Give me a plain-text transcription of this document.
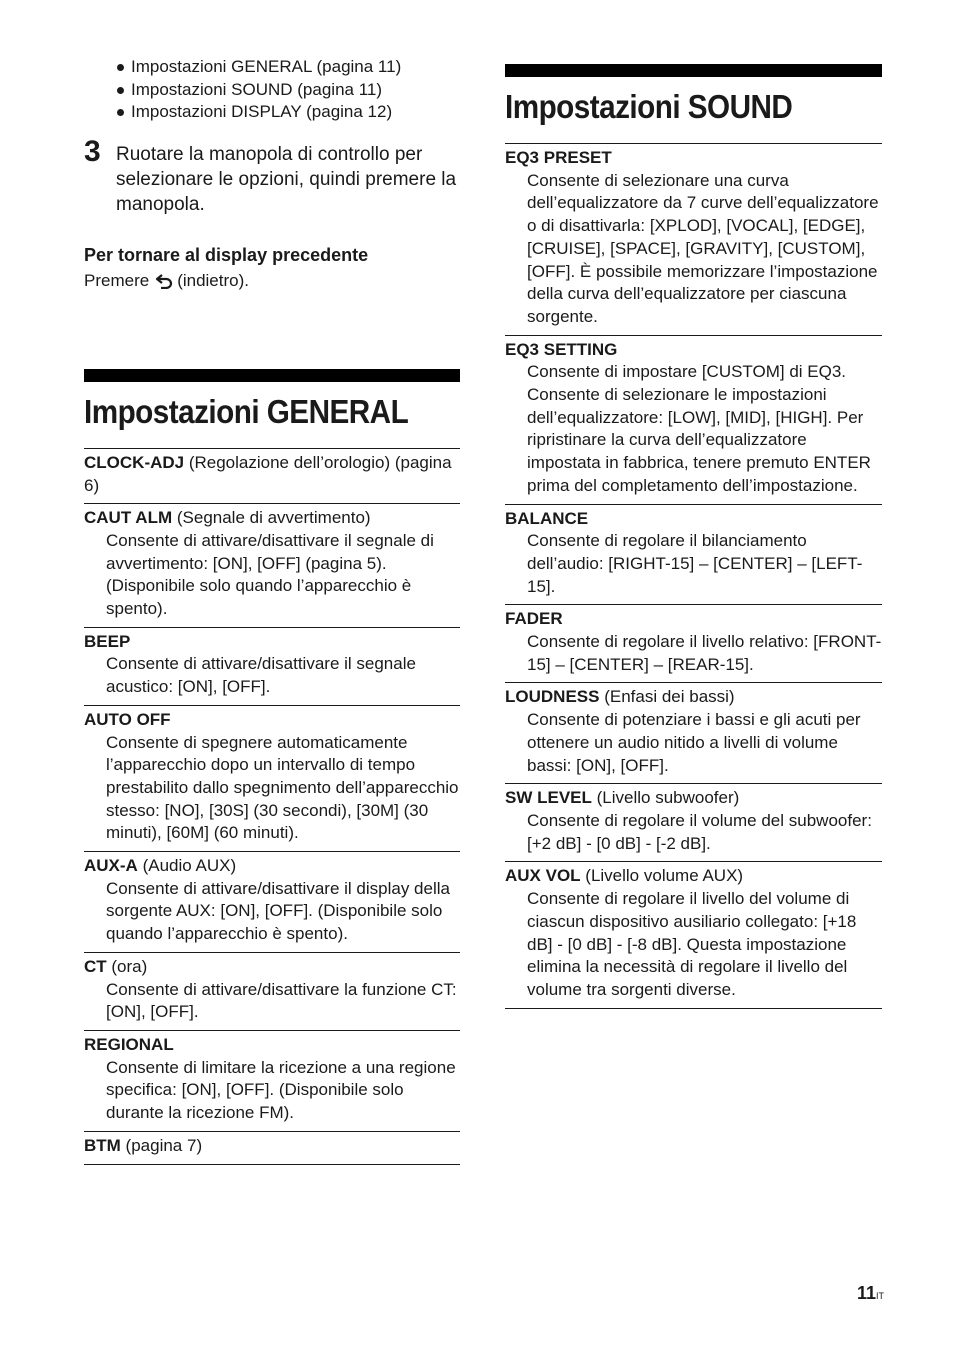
Impostazioni GENERAL (pagina 11)
Impostazioni SOUND (pagina 11)
Impostazioni DISPLAY (pagina 12)
3 Ruotare la manopola di controllo per selezionare le opzioni, quindi premere la manopola.
Per tornare al display precedente
Premere (indietro).
Impostazioni GENERAL
CLOCK-ADJ (Regolazione dell’orologio) (pagina 6)
CAUT ALM (Segnale di avvertimento)
Consente di attivare/disattivare il segnale di avvertimento: [ON], [OFF] (pagina 5). (Disponibile solo quando l’apparecchio è spento).
BEEP
Consente di attivare/disattivare il segnale acustico: [ON], [OFF].
AUTO OFF
Consente di spegnere automaticamente l’apparecchio dopo un intervallo di tempo prestabilito dallo spegnimento dell’apparecchio stesso: [NO], [30S] (30 secondi), [30M] (30 minuti), [60M] (60 minuti).
AUX-A (Audio AUX)
Consente di attivare/disattivare il display della sorgente AUX: [ON], [OFF]. (Disponibile solo quando l’apparecchio è spento).
CT (ora)
Consente di attivare/disattivare la funzione CT: [ON], [OFF].
REGIONAL
Consente di limitare la ricezione a una regione specifica: [ON], [OFF]. (Disponibile solo durante la ricezione FM).
BTM (pagina 7)
Impostazioni SOUND
EQ3 PRESET
Consente di selezionare una curva dell’equalizzatore da 7 curve dell’equalizzatore o di disattivarla: [XPLOD], [VOCAL], [EDGE], [CRUISE], [SPACE], [GRAVITY], [CUSTOM], [OFF]. È possibile memorizzare l’impostazione della curva dell’equalizzatore per ciascuna sorgente.
EQ3 SETTING
Consente di impostare [CUSTOM] di EQ3. Consente di selezionare le impostazioni dell’equalizzatore: [LOW], [MID], [HIGH]. Per ripristinare la curva dell’equalizzatore impostata in fabbrica, tenere premuto ENTER prima del completamento dell’impostazione.
BALANCE
Consente di regolare il bilanciamento dell’audio: [RIGHT-15] – [CENTER] – [LEFT-15].
FADER
Consente di regolare il livello relativo: [FRONT-15] – [CENTER] – [REAR-15].
LOUDNESS (Enfasi dei bassi)
Consente di potenziare i bassi e gli acuti per ottenere un audio nitido a livelli di volume bassi: [ON], [OFF].
SW LEVEL (Livello subwoofer)
Consente di regolare il volume del subwoofer: [+2 dB] - [0 dB] - [-2 dB].
AUX VOL (Livello volume AUX)
Consente di regolare il livello del volume di ciascun dispositivo ausiliario collegato: [+18 dB] - [0 dB] - [-8 dB]. Questa impostazione elimina la necessità di regolare il livello del volume tra sorgenti diverse.
11IT
